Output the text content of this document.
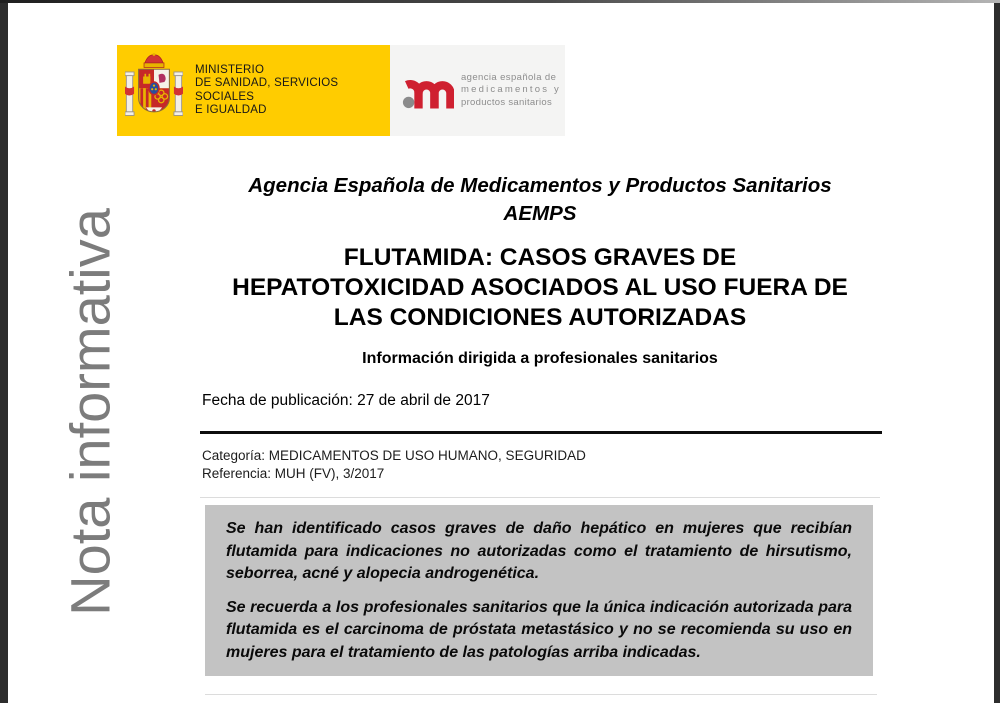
Nota informativa
MINISTERIO
DE SANIDAD, SERVICIOS SOCIALES
E IGUALDAD
agencia española de
medicamentos y
productos sanitarios
Agencia Española de Medicamentos y Productos Sanitarios
AEMPS
FLUTAMIDA: CASOS GRAVES DE
HEPATOTOXICIDAD ASOCIADOS AL USO FUERA DE
LAS CONDICIONES AUTORIZADAS
Información dirigida a profesionales sanitarios
Fecha de publicación: 27 de abril de 2017
Categoría: MEDICAMENTOS DE USO HUMANO, SEGURIDAD
Referencia: MUH (FV), 3/2017

Se han identificado casos graves de daño hepático en mujeres que recibían flutamida para indicaciones no autorizadas como el tratamiento de hirsutismo, seborrea, acné y alopecia androgenética.

Se recuerda a los profesionales sanitarios que la única indicación autorizada para flutamida es el carcinoma de próstata metastásico y no se recomienda su uso en mujeres para el tratamiento de las patologías arriba indicadas.
